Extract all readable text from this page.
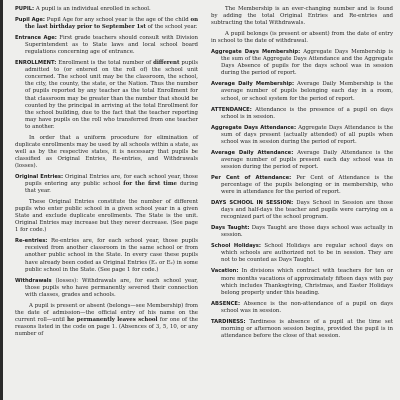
PUPIL: A pupil is an individual enrolled in school.

Pupil Age: Pupil Age for any school year is the age of the child on the last birthday prior to September 1st of the school year.

Entrance Age: First grade teachers should consult with Division Superintendent as to State laws and local school board regulations concerning age of entrance.

ENROLLMENT: Enrollment is the total number of different pupils admitted to (or entered on the roll of) the school unit concerned. The school unit may be the classroom, the school, the city, the county, the state, or the Nation. Thus the number of pupils reported by any teacher as the total Enrollment for that classroom may be greater than the number that should be counted by the principal in arriving at the total Enrollment for the school building, due to the fact that the teacher reporting may have pupils on the roll who transferred from one teacher to another.

In order that a uniform procedure for elimination of duplicate enrollments may be used by all schools within a state, as well as by the respective states, it is necessary that pupils be classified as Original Entries, Re-entries, and Withdrawals (losses).

Original Entries: Original Entries are, for each school year, those pupils entering any public school for the first time during that year.

These Original Entries constitute the number of different pupils who enter public school in a given school year in a given State and exclude duplicate enrollments. The State is the unit. Original Entries may increase but they never decrease. (See page 1 for code.)

Re-entries: Re-entries are, for each school year, those pupils received from another classroom in the same school or from another public school in the State. In every case these pupils have already been coded as Original Entries (E₁ or E₂) in some public school in the State. (See page 1 for code.)

Withdrawals (losses): Withdrawals are, for each school year, those pupils who have permanently severed their connection with classes, grades and schools.

A pupil is present or absent (belongs—see Membership) from the date of admission—the official entry of his name on the current roll—until he permanently leaves school for one of the reasons listed in the code on page 1. (Absences of 3, 5, 10, or any number of

The Membership is an ever-changing number and is found by adding the total Original Entries and Re-entries and subtracting the total Withdrawals.

A pupil belongs (is present or absent) from the date of entry in school to the date of withdrawal.

Aggregate Days Membership: Aggregate Days Membership is the sum of the Aggregate Days Attendance and the Aggregate Days Absence of pupils for the days school was in session during the period of report.

Average Daily Membership: Average Daily Membership is the average number of pupils belonging each day in a room, school, or school system for the period of report.

ATTENDANCE: Attendance is the presence of a pupil on days school is in session.

Aggregate Days Attendance: Aggregate Days Attendance is the sum of days present (actually attended) of all pupils when school was in session during the period of report.

Average Daily Attendance: Average Daily Attendance is the average number of pupils present each day school was in session during the period of report.

Per Cent of Attendance: Per Cent of Attendance is the percentage of the pupils belonging or in membership, who were in attendance for the period of report.

DAYS SCHOOL IN SESSION: Days School in Session are those days and half-days the teacher and pupils were carrying on a recognized part of the school program.

Days Taught: Days Taught are those days school was actually in session.

School Holidays: School Holidays are regular school days on which schools are authorized not to be in session. They are not to be counted as Days Taught.

Vacation: In divisions which contract with teachers for ten or more months vacations of approximately fifteen days with pay which includes Thanksgiving, Christmas, and Easter Holidays belong properly under this heading.

ABSENCE: Absence is the non-attendance of a pupil on days school was in session.

TARDINESS: Tardiness is absence of a pupil at the time set morning or afternoon session begins, provided the pupil is in attendance before the close of that session.
